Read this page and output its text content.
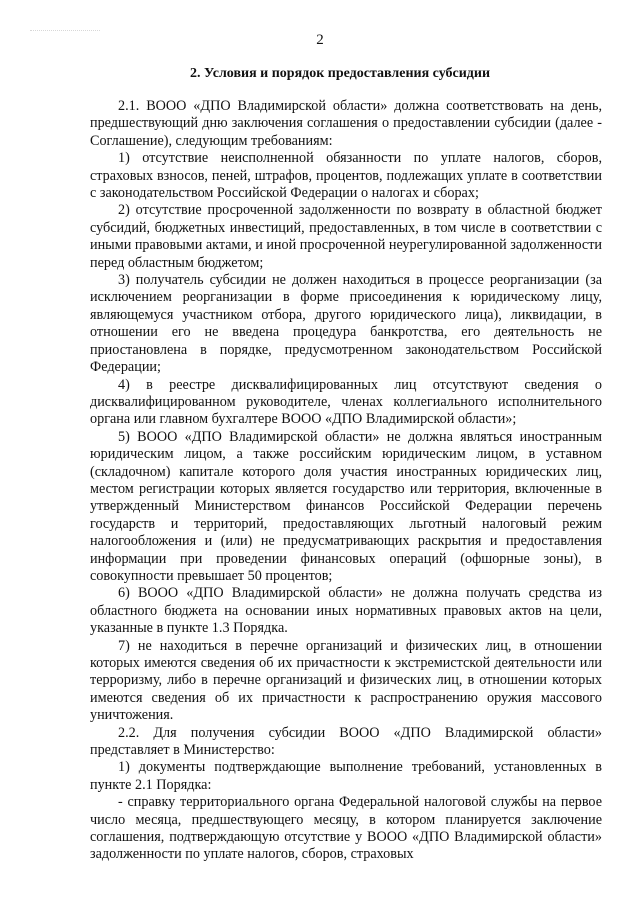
2
2. Условия и порядок предоставления субсидии

2.1. ВООО «ДПО Владимирской области» должна соответствовать на день, предшествующий дню заключения соглашения о предоставлении субсидии (далее - Соглашение), следующим требованиям:

1) отсутствие неисполненной обязанности по уплате налогов, сборов, страховых взносов, пеней, штрафов, процентов, подлежащих уплате в соответствии с законодательством Российской Федерации о налогах и сборах;

2) отсутствие просроченной задолженности по возврату в областной бюджет субсидий, бюджетных инвестиций, предоставленных, в том числе в соответствии с иными правовыми актами, и иной просроченной неурегулированной задолженности перед областным бюджетом;

3) получатель субсидии не должен находиться в процессе реорганизации (за исключением реорганизации в форме присоединения к юридическому лицу, являющемуся участником отбора, другого юридического лица), ликвидации, в отношении его не введена процедура банкротства, его деятельность не приостановлена в порядке, предусмотренном законодательством Российской Федерации;

4) в реестре дисквалифицированных лиц отсутствуют сведения о дисквалифицированном руководителе, членах коллегиального исполнительного органа или главном бухгалтере ВООО «ДПО Владимирской области»;

5) ВООО «ДПО Владимирской области» не должна являться иностранным юридическим лицом, а также российским юридическим лицом, в уставном (складочном) капитале которого доля участия иностранных юридических лиц, местом регистрации которых является государство или территория, включенные в утвержденный Министерством финансов Российской Федерации перечень государств и территорий, предоставляющих льготный налоговый режим налогообложения и (или) не предусматривающих раскрытия и предоставления информации при проведении финансовых операций (офшорные зоны), в совокупности превышает 50 процентов;

6) ВООО «ДПО Владимирской области» не должна получать средства из областного бюджета на основании иных нормативных правовых актов на цели, указанные в пункте 1.3 Порядка.

7) не находиться в перечне организаций и физических лиц, в отношении которых имеются сведения об их причастности к экстремистской деятельности или терроризму, либо в перечне организаций и физических лиц, в отношении которых имеются сведения об их причастности к распространению оружия массового уничтожения.

2.2. Для получения субсидии ВООО «ДПО Владимирской области» представляет в Министерство:

1) документы подтверждающие выполнение требований, установленных в пункте 2.1 Порядка:

- справку территориального органа Федеральной налоговой службы на первое число месяца, предшествующего месяцу, в котором планируется заключение соглашения, подтверждающую отсутствие у ВООО «ДПО Владимирской области» задолженности по уплате налогов, сборов, страховых
